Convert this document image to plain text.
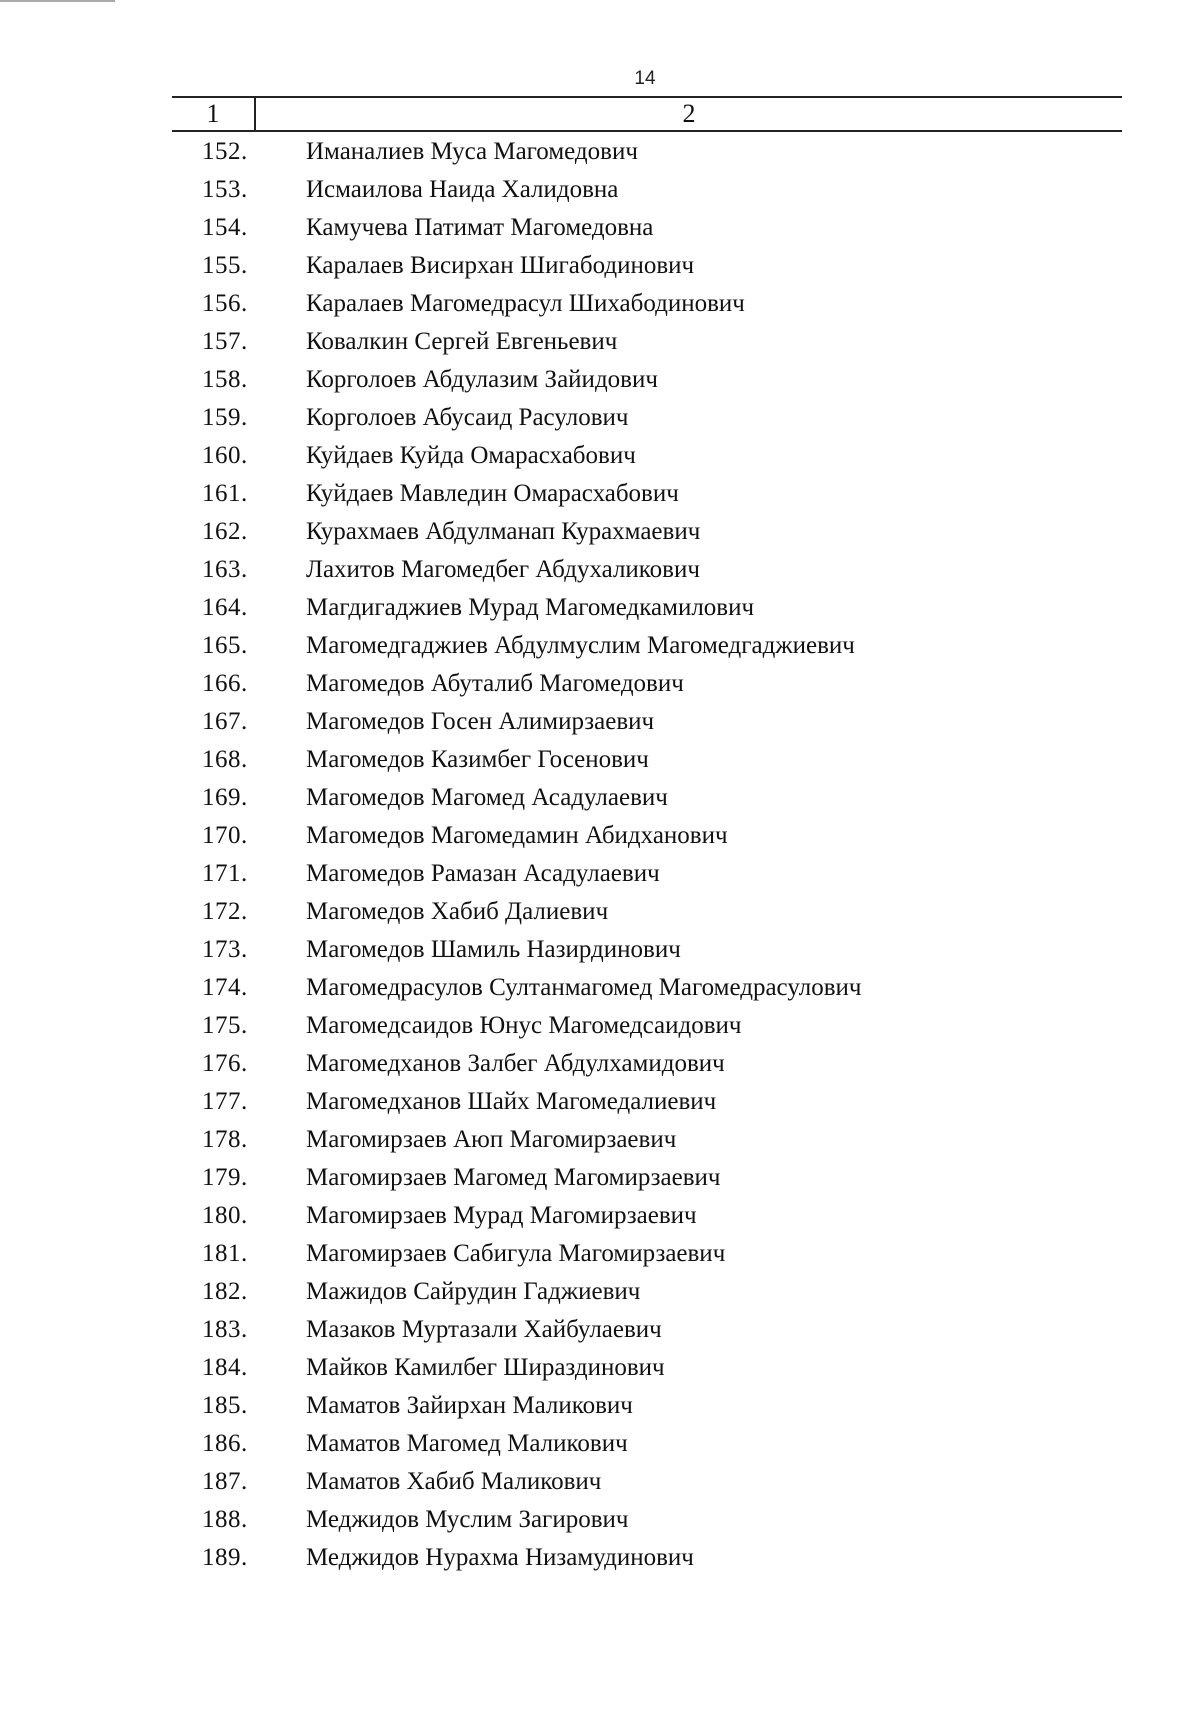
14
1	2
152.	Иманалиев Муса Магомедович
153.	Исмаилова Наида Халидовна
154.	Камучева Патимат Магомедовна
155.	Каралаев Висирхан Шигабодинович
156.	Каралаев Магомедрасул Шихабодинович
157.	Ковалкин Сергей Евгеньевич
158.	Корголоев Абдулазим Зайидович
159.	Корголоев Абусаид Расулович
160.	Куйдаев Куйда Омарасхабович
161.	Куйдаев Мавледин Омарасхабович
162.	Курахмаев Абдулманап Курахмаевич
163.	Лахитов Магомедбег Абдухаликович
164.	Магдигаджиев Мурад Магомедкамилович
165.	Магомедгаджиев Абдулмуслим Магомедгаджиевич
166.	Магомедов Абуталиб Магомедович
167.	Магомедов Госен Алимирзаевич
168.	Магомедов Казимбег Госенович
169.	Магомедов Магомед Асадулаевич
170.	Магомедов Магомедамин Абидханович
171.	Магомедов Рамазан Асадулаевич
172.	Магомедов Хабиб Далиевич
173.	Магомедов Шамиль Назирдинович
174.	Магомедрасулов Султанмагомед Магомедрасулович
175.	Магомедсаидов Юнус Магомедсаидович
176.	Магомедханов Залбег Абдулхамидович
177.	Магомедханов Шайх Магомедалиевич
178.	Магомирзаев Аюп Магомирзаевич
179.	Магомирзаев Магомед Магомирзаевич
180.	Магомирзаев Мурад Магомирзаевич
181.	Магомирзаев Сабигула Магомирзаевич
182.	Мажидов Сайрудин Гаджиевич
183.	Мазаков Муртазали Хайбулаевич
184.	Майков Камилбег Шираздинович
185.	Маматов Зайирхан Маликович
186.	Маматов Магомед Маликович
187.	Маматов Хабиб Маликович
188.	Меджидов Муслим Загирович
189.	Меджидов Нурахма Низамудинович
